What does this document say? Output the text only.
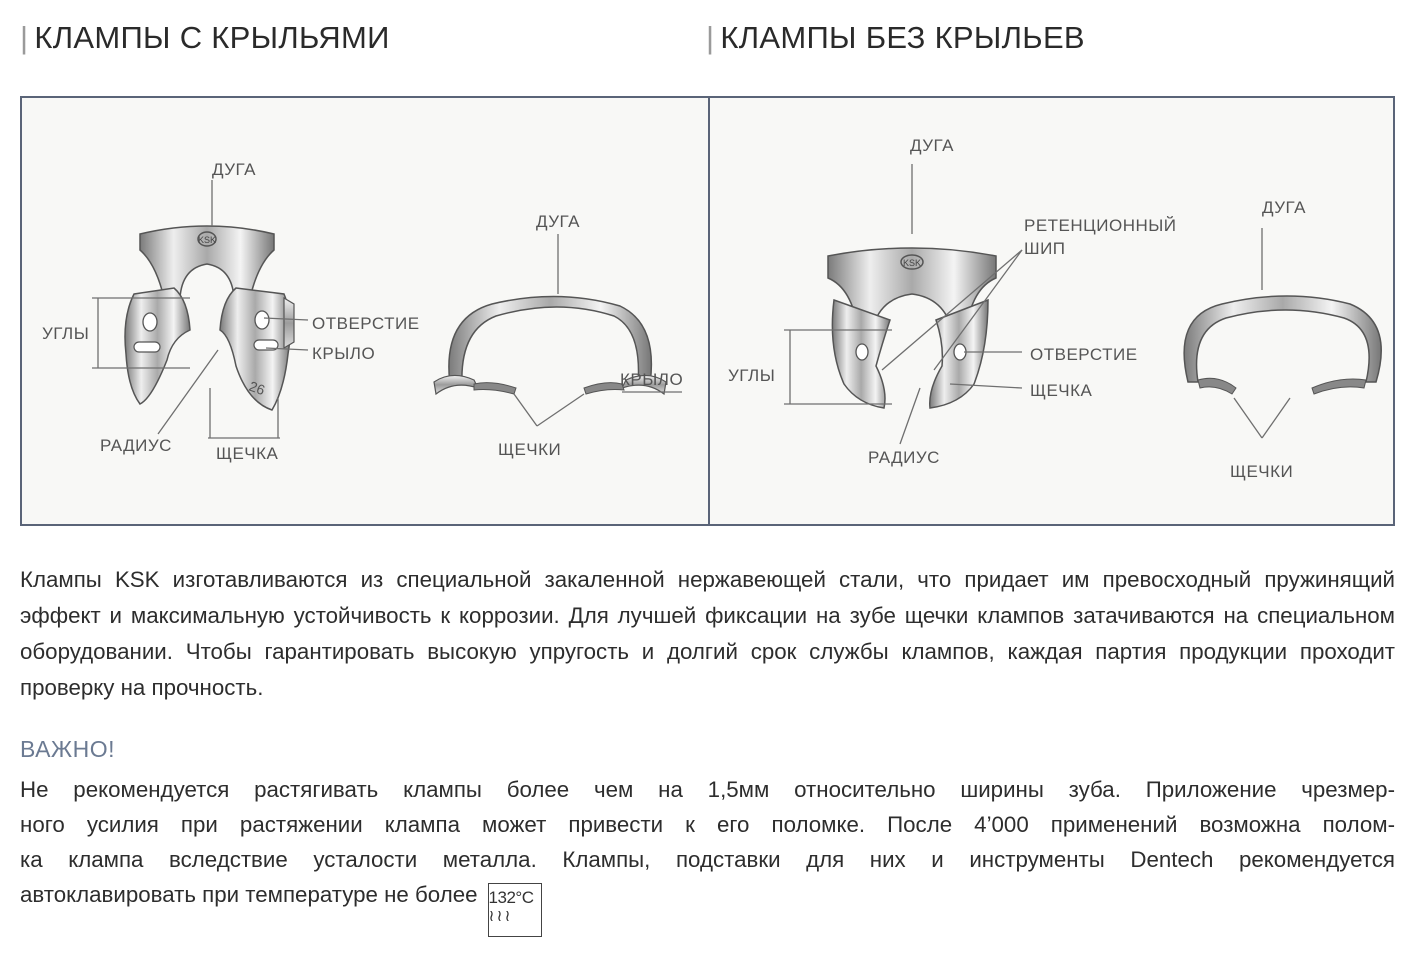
| КЛАМПЫ С КРЫЛЬЯМИ	| КЛАМПЫ БЕЗ КРЫЛЬЕВ
KSK
26
KSK
ДУГА
УГЛЫ
ОТВЕРСТИЕ
КРЫЛО
РАДИУС	ЩЕЧКА
ДУГА
КРЫЛО
ЩЕЧКИ
ДУГА
РЕТЕНЦИОННЫЙ
ШИП
УГЛЫ
ОТВЕРСТИЕ
ЩЕЧКА
РАДИУС
ДУГА
ЩЕЧКИ
Клампы KSK изготавливаются из специальной закаленной нержавеющей стали, что придает им превосходный пружинящий эффект и максимальную устойчивость к коррозии. Для лучшей фиксации на зубе щечки клампов затачиваются на специальном оборудовании. Чтобы гарантировать высокую упругость и долгий срок службы клампов, каждая партия продукции проходит проверку на прочность.
ВАЖНО!
Не рекомендуется растягивать клампы более чем на 1,5мм относительно ширины зуба. Приложение чрезмер-
ного усилия при растяжении клампа может привести к его поломке. После 4’000 применений возможна полом-
ка клампа вследствие усталости металла. Клампы, подставки для них и инструменты Dentech рекомендуется
автоклавировать при температуре не более 132°C
≀≀≀
